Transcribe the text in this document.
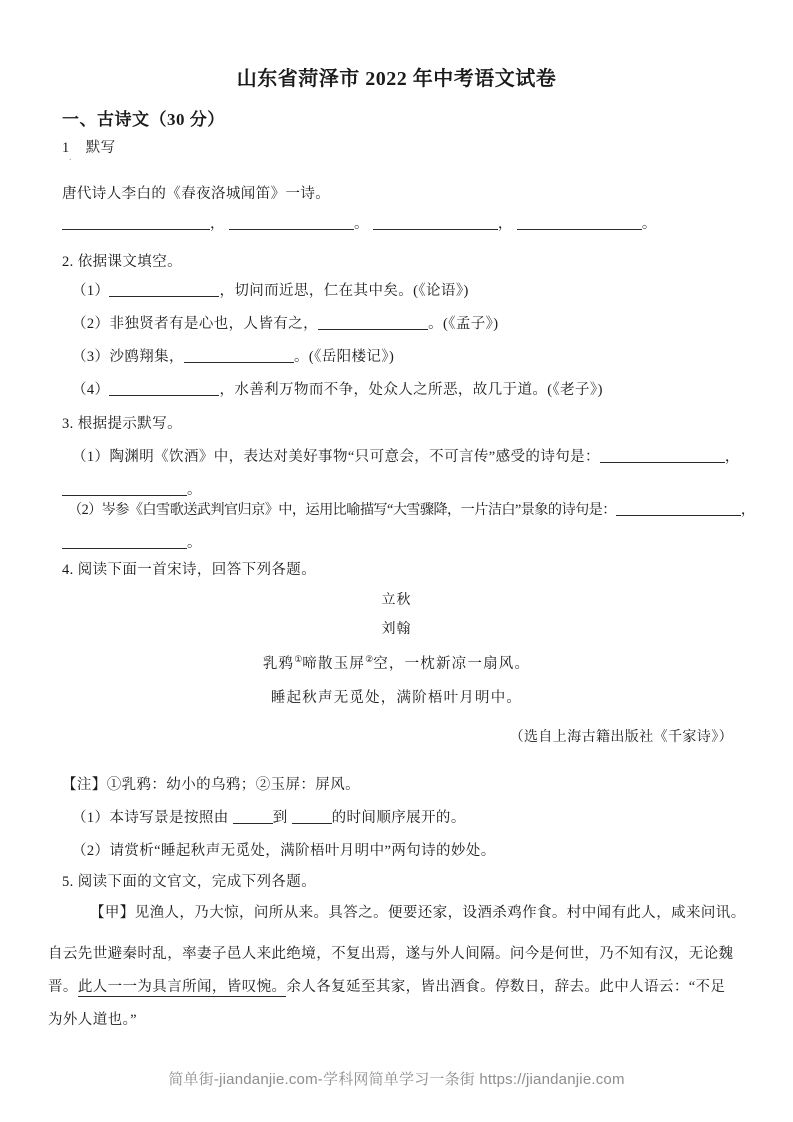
山东省菏泽市 2022 年中考语文试卷
一、古诗文（30 分）
1 默写
.
唐代诗人李白的《春夜洛城闻笛》一诗。
，	。	，	。
2. 依据课文填空。
（1）	，切问而近思，仁在其中矣。(《论语》)
（2）非独贤者有是心也，人皆有之，	。(《孟子》)
（3）沙鸥翔集，	。(《岳阳楼记》)
（4）	，水善利万物而不争，处众人之所恶，故几于道。(《老子》)
3. 根据提示默写。
（1）陶渊明《饮酒》中，表达对美好事物“只可意会，不可言传”感受的诗句是：	，
。
（2）岑参《白雪歌送武判官归京》中，运用比喻描写“大雪骤降，一片洁白”景象的诗句是：	，
。
4. 阅读下面一首宋诗，回答下列各题。
立秋
刘翰
乳鸦①啼散玉屏②空，一枕新凉一扇风。
睡起秋声无觅处，满阶梧叶月明中。
（选自上海古籍出版社《千家诗》）
【注】①乳鸦：幼小的乌鸦；②玉屏：屏风。
（1）本诗写景是按照由	到	的时间顺序展开的。
（2）请赏析“睡起秋声无觅处，满阶梧叶月明中”两句诗的妙处。
5. 阅读下面的文官文，完成下列各题。
【甲】见渔人，乃大惊，问所从来。具答之。便要还家，设酒杀鸡作食。村中闻有此人，咸来问讯。
自云先世避秦时乱，率妻子邑人来此绝境，不复出焉，遂与外人间隔。问今是何世，乃不知有汉，无论魏
晋。此人一一为具言所闻，皆叹惋。余人各复延至其家，皆出酒食。停数日，辞去。此中人语云：“不足
为外人道也。”
简单街-jiandanjie.com-学科网简单学习一条街 https://jiandanjie.com
